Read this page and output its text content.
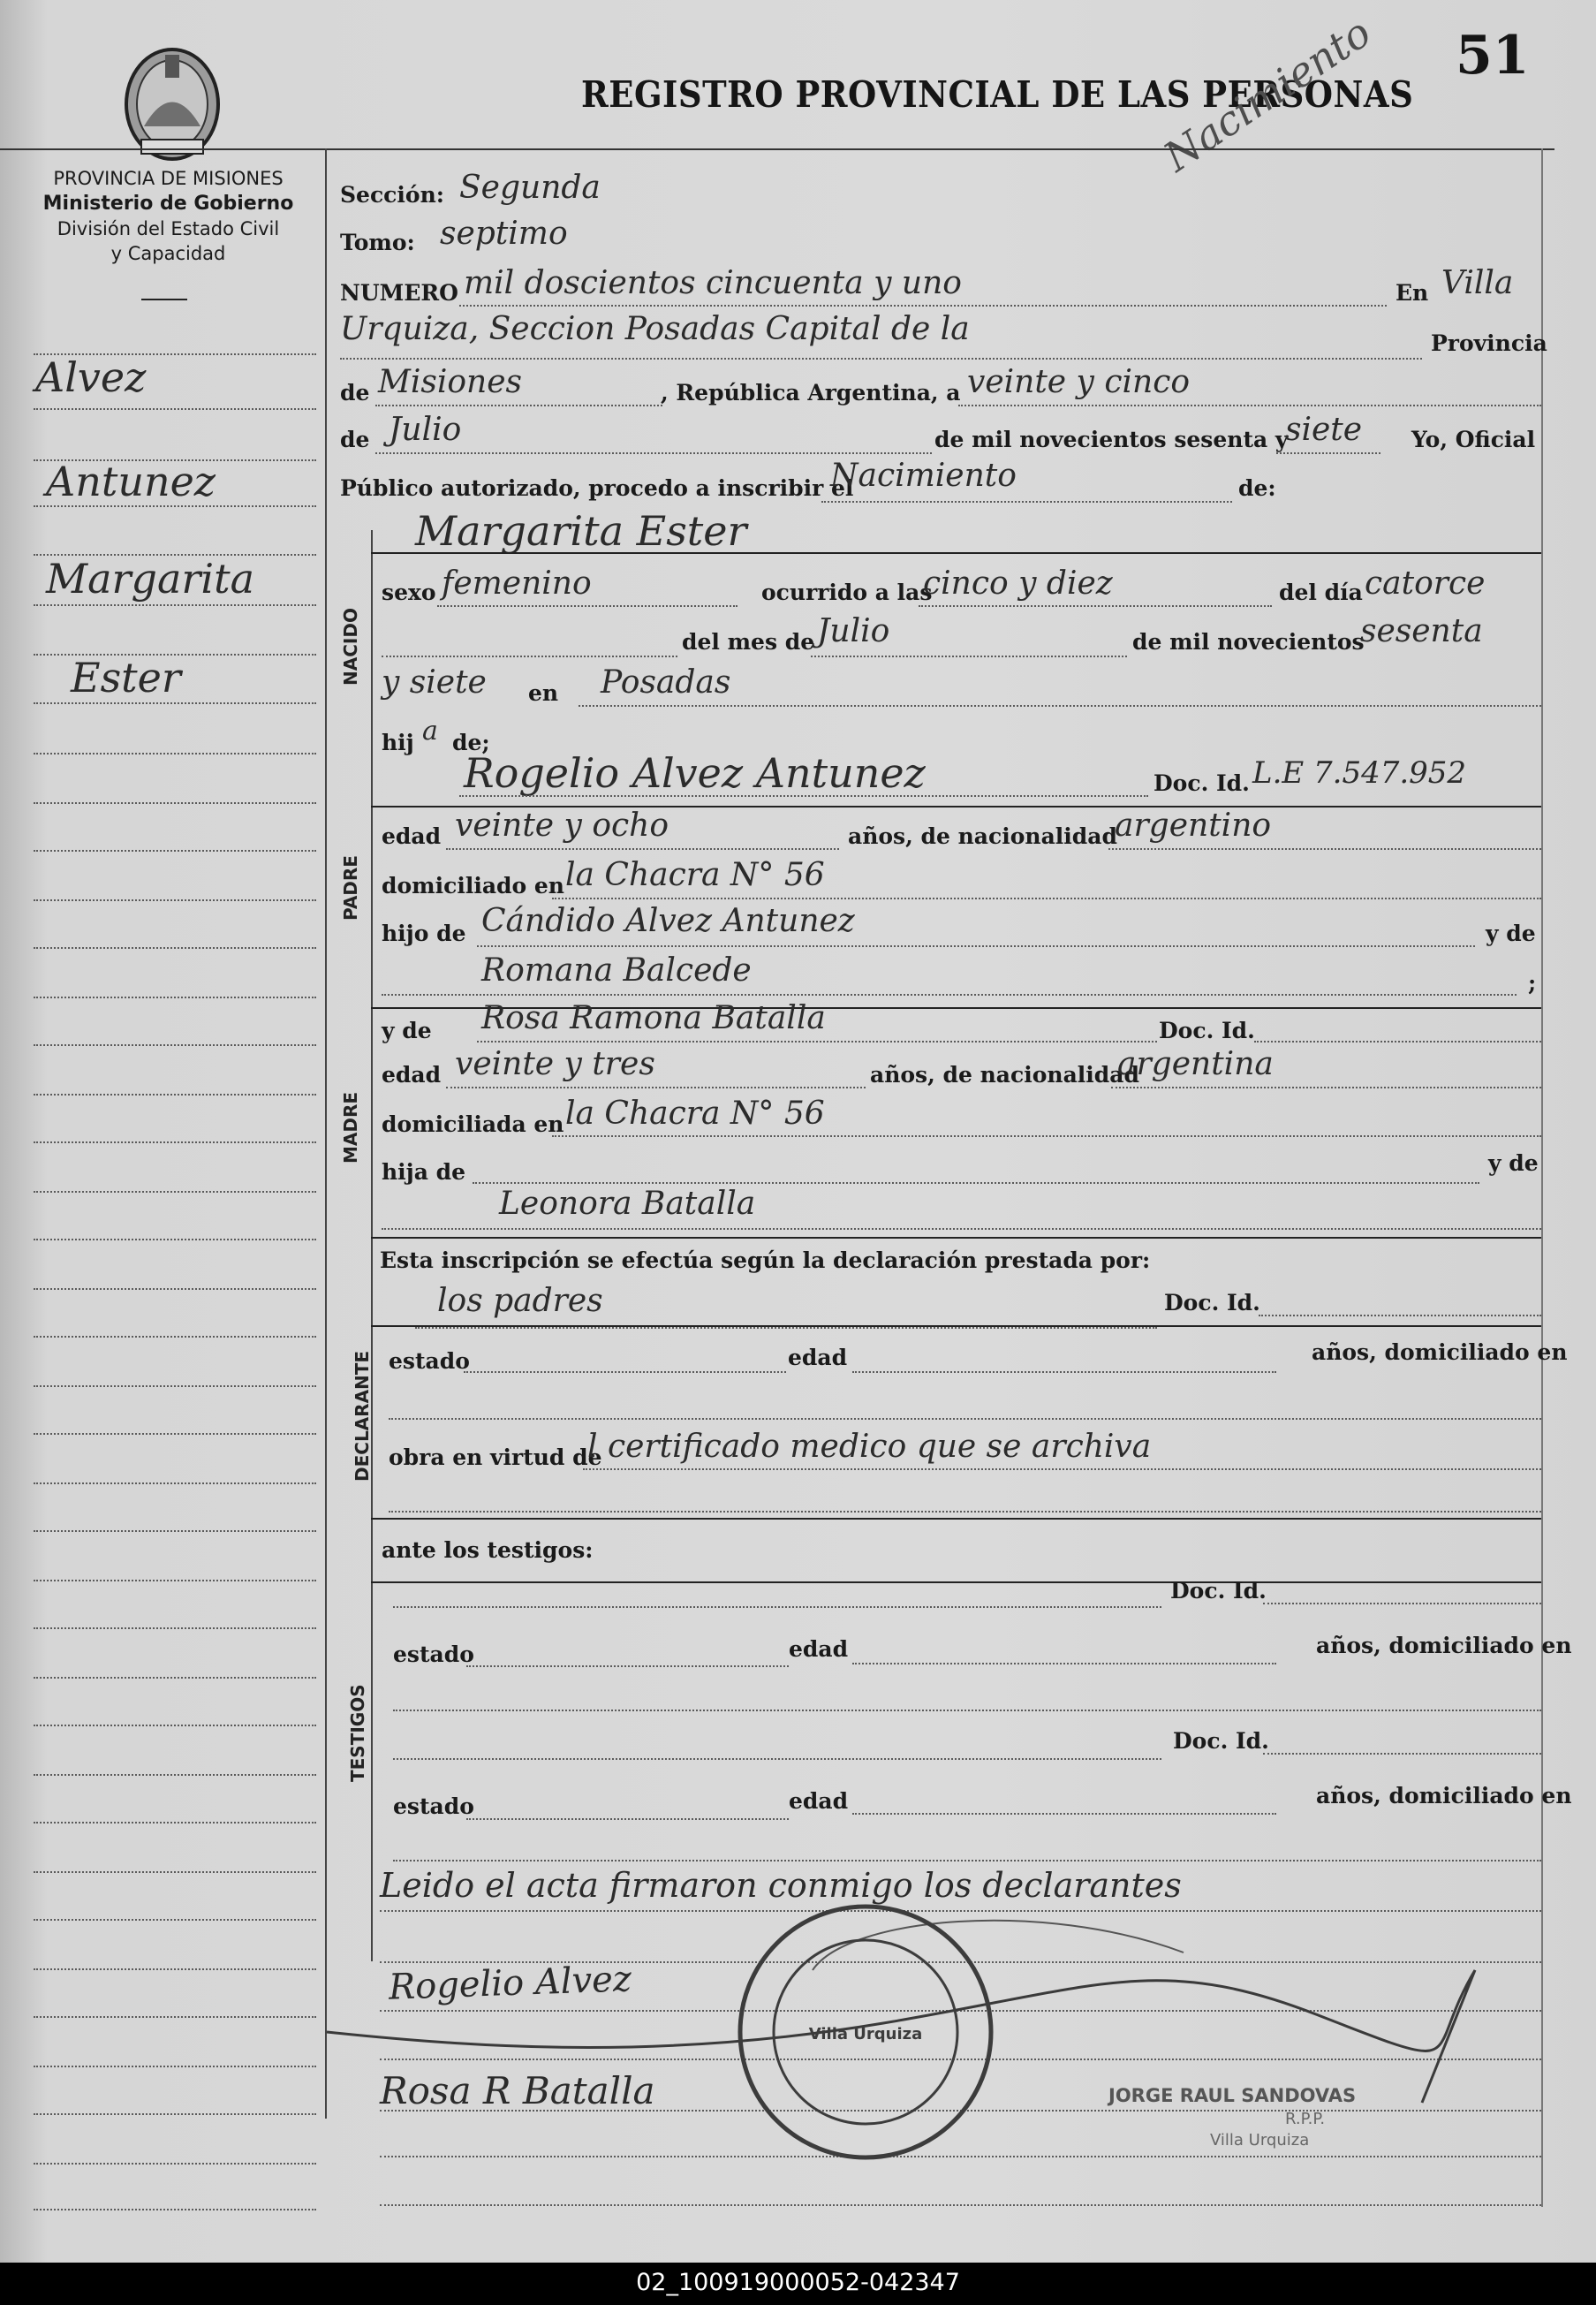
PROVINCIA DE MISIONES
Ministerio de Gobierno
División del Estado Civil
y Capacidad
REGISTRO PROVINCIAL DE LAS PERSONAS
51
Nacimiento
Alvez
Antunez
Margarita
Ester
Sección: Segunda
Tomo: septimo
NUMERO mil doscientos cincuenta y uno	En Villa
Urquiza, Seccion Posadas Capital de la	Provincia
de Misiones	, República Argentina, a veinte y cinco
de Julio	de mil novecientos sesenta y
siete Yo, Oficial
Público autorizado, procedo a inscribir el
Nacimiento	de:
NACIDO
Margarita Ester
sexo femenino	ocurrido a las
cinco y diez	del día catorce
del mes de Julio	de mil novecientos
sesenta
y siete en Posadas
hij a de;
PADRE
Rogelio Alvez Antunez	Doc. Id. L.E 7.547.952
edad veinte y ocho	años, de nacionalidad
argentino
domiciliado en la Chacra N° 56
hijo de Cándido Alvez Antunez	y de
Romana Balcede	;
MADRE
y de Rosa Ramona Batalla	Doc. Id.
edad veinte y tres	años, de nacionalidad
argentina
domiciliada en la Chacra N° 56
hija de	y de
Leonora Batalla
Esta inscripción se efectúa según la declaración prestada por:
los padres	Doc. Id.
DECLARANTE estado	edad	años, domiciliado en
obra en virtud de
l certificado medico que se archiva
ante los testigos:
TESTIGOS
Doc. Id.
estado	edad	años, domiciliado en
Doc. Id.
estado	edad	años, domiciliado en
Leido el acta firmaron conmigo los declarantes
Rogelio Alvez
Rosa R Batalla
Villa Urquiza
JORGE RAUL SANDOVAS
R.P.P.
Villa Urquiza
02_100919000052-042347
